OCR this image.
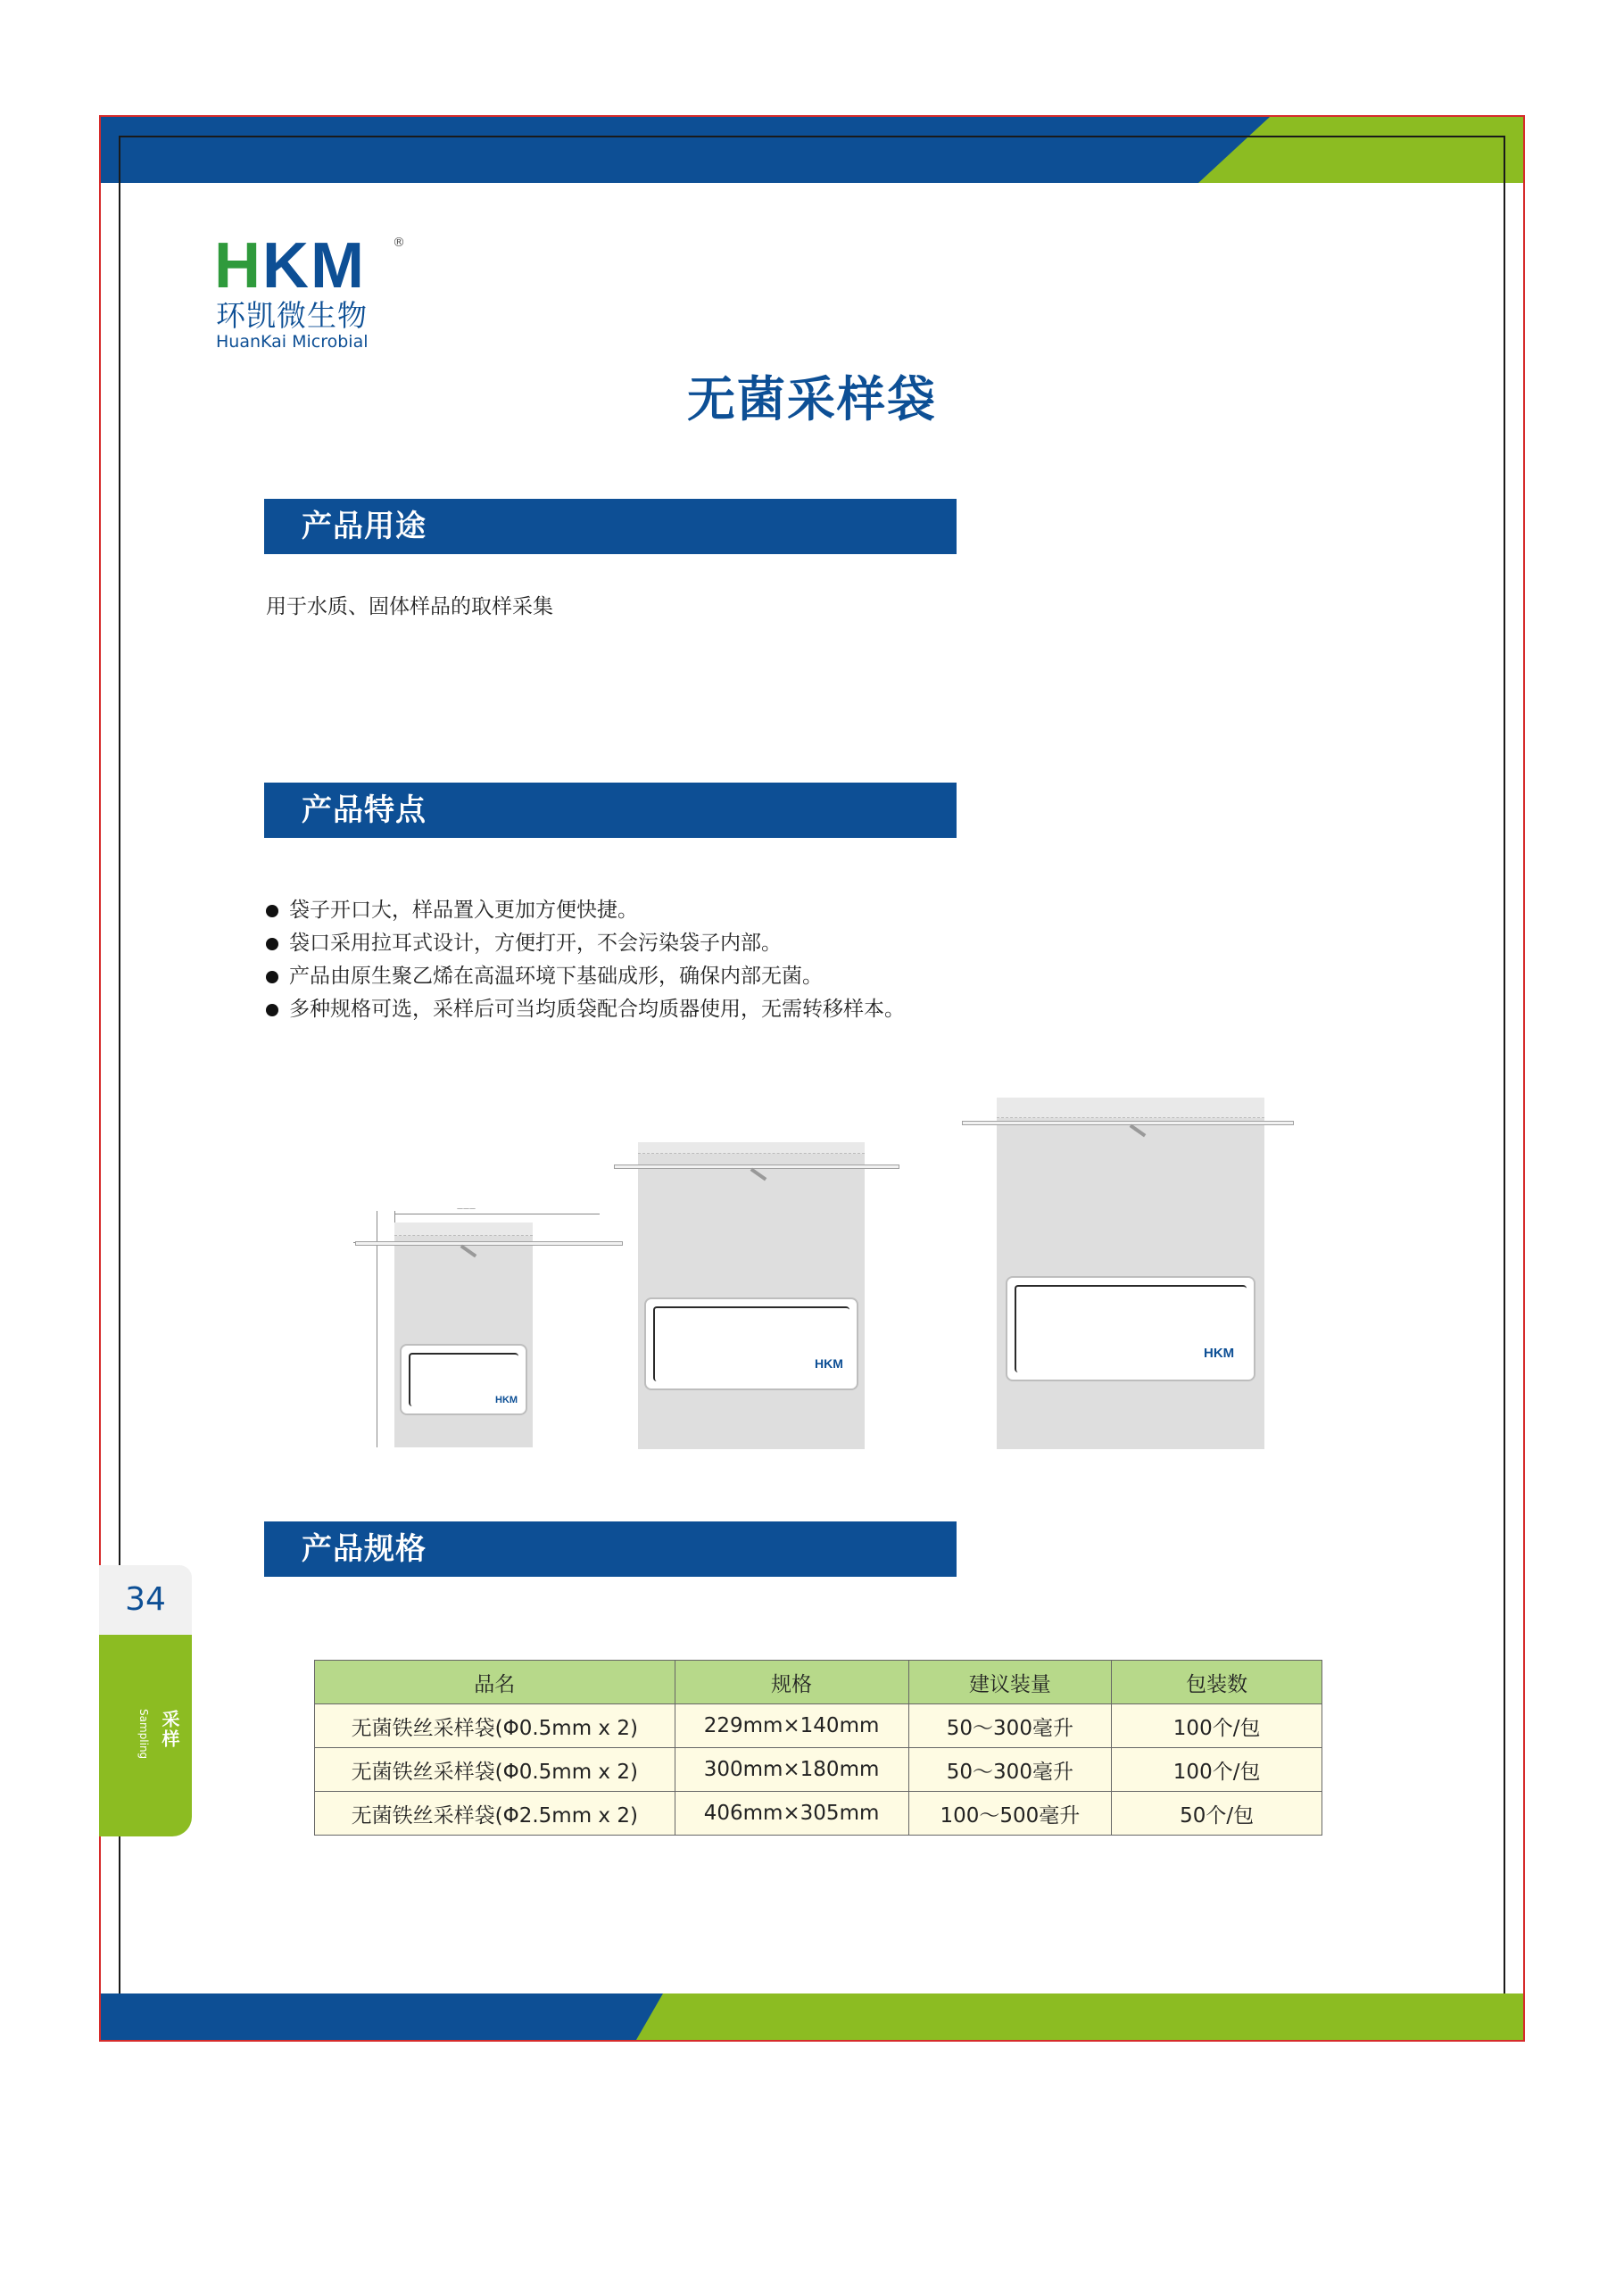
HKM ®
环凯微生物
HuanKai Microbial
无菌采样袋
产品用途
用于水质、固体样品的取样采集
产品特点
袋子开口大，样品置入更加方便快捷。
袋口采用拉耳式设计，方便打开，不会污染袋子内部。
产品由原生聚乙烯在高温环境下基础成形，确保内部无菌。
多种规格可选，采样后可当均质袋配合均质器使用，无需转移样本。
———
HKM
HKM
HKM
产品规格
品名	规格	建议装量	包装数
无菌铁丝采样袋(Φ0.5mm x 2)	229mm×140mm	50～300毫升	100个/包
无菌铁丝采样袋(Φ0.5mm x 2)	300mm×180mm	50～300毫升	100个/包
无菌铁丝采样袋(Φ2.5mm x 2)	406mm×305mm	100～500毫升	50个/包
34
采样
Sampling
